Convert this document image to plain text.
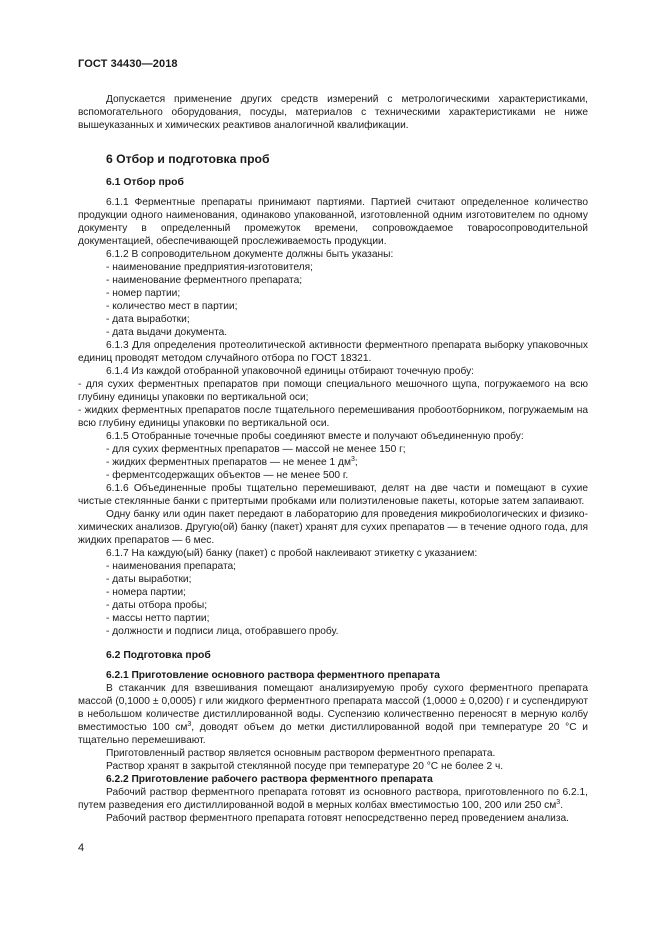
ГОСТ 34430—2018

Допускается применение других средств измерений с метрологическими характеристиками, вспомогательного оборудования, посуды, материалов с техническими характеристиками не ниже вышеуказанных и химических реактивов аналогичной квалификации.

6 Отбор и подготовка проб
6.1 Отбор проб

6.1.1 Ферментные препараты принимают партиями. Партией считают определенное количество продукции одного наименования, одинаково упакованной, изготовленной одним изготовителем по одному документу в определенный промежуток времени, сопровождаемое товаросопроводительной документацией, обеспечивающей прослеживаемость продукции.

6.1.2 В сопроводительном документе должны быть указаны:

- наименование предприятия-изготовителя;

- наименование ферментного препарата;

- номер партии;

- количество мест в партии;

- дата выработки;

- дата выдачи документа.

6.1.3 Для определения протеолитической активности ферментного препарата выборку упаковочных единиц проводят методом случайного отбора по ГОСТ 18321.

6.1.4 Из каждой отобранной упаковочной единицы отбирают точечную пробу:

- для сухих ферментных препаратов при помощи специального мешочного щупа, погружаемого на всю глубину единицы упаковки по вертикальной оси;

- жидких ферментных препаратов после тщательного перемешивания пробоотборником, погружаемым на всю глубину единицы упаковки по вертикальной оси.

6.1.5 Отобранные точечные пробы соединяют вместе и получают объединенную пробу:

- для сухих ферментных препаратов — массой не менее 150 г;

- жидких ферментных препаратов — не менее 1 $дм^3$;

- ферментсодержащих объектов — не менее 500 г.

6.1.6 Объединенные пробы тщательно перемешивают, делят на две части и помещают в сухие чистые стеклянные банки с притертыми пробками или полиэтиленовые пакеты, которые затем запаивают.

Одну банку или один пакет передают в лабораторию для проведения микробиологических и физико-химических анализов. Другую(ой) банку (пакет) хранят для сухих препаратов — в течение одного года, для жидких препаратов — 6 мес.

6.1.7 На каждую(ый) банку (пакет) с пробой наклеивают этикетку с указанием:

- наименования препарата;

- даты выработки;

- номера партии;

- даты отбора пробы;

- массы нетто партии;

- должности и подписи лица, отобравшего пробу.

6.2 Подготовка проб
6.2.1 Приготовление основного раствора ферментного препарата

В стаканчик для взвешивания помещают анализируемую пробу сухого ферментного препарата массой (0,1000 ± 0,0005) г или жидкого ферментного препарата массой (1,0000 ± 0,0200) г и суспендируют в небольшом количестве дистиллированной воды. Суспензию количественно переносят в мерную колбу вместимостью 100 $см^3$, доводят объем до метки дистиллированной водой при температуре 20 °С и тщательно перемешивают.

Приготовленный раствор является основным раствором ферментного препарата.

Раствор хранят в закрытой стеклянной посуде при температуре 20 °С не более 2 ч.

6.2.2 Приготовление рабочего раствора ферментного препарата

Рабочий раствор ферментного препарата готовят из основного раствора, приготовленного по 6.2.1, путем разведения его дистиллированной водой в мерных колбах вместимостью 100, 200 или 250 $см^3$.

Рабочий раствор ферментного препарата готовят непосредственно перед проведением анализа.

4
